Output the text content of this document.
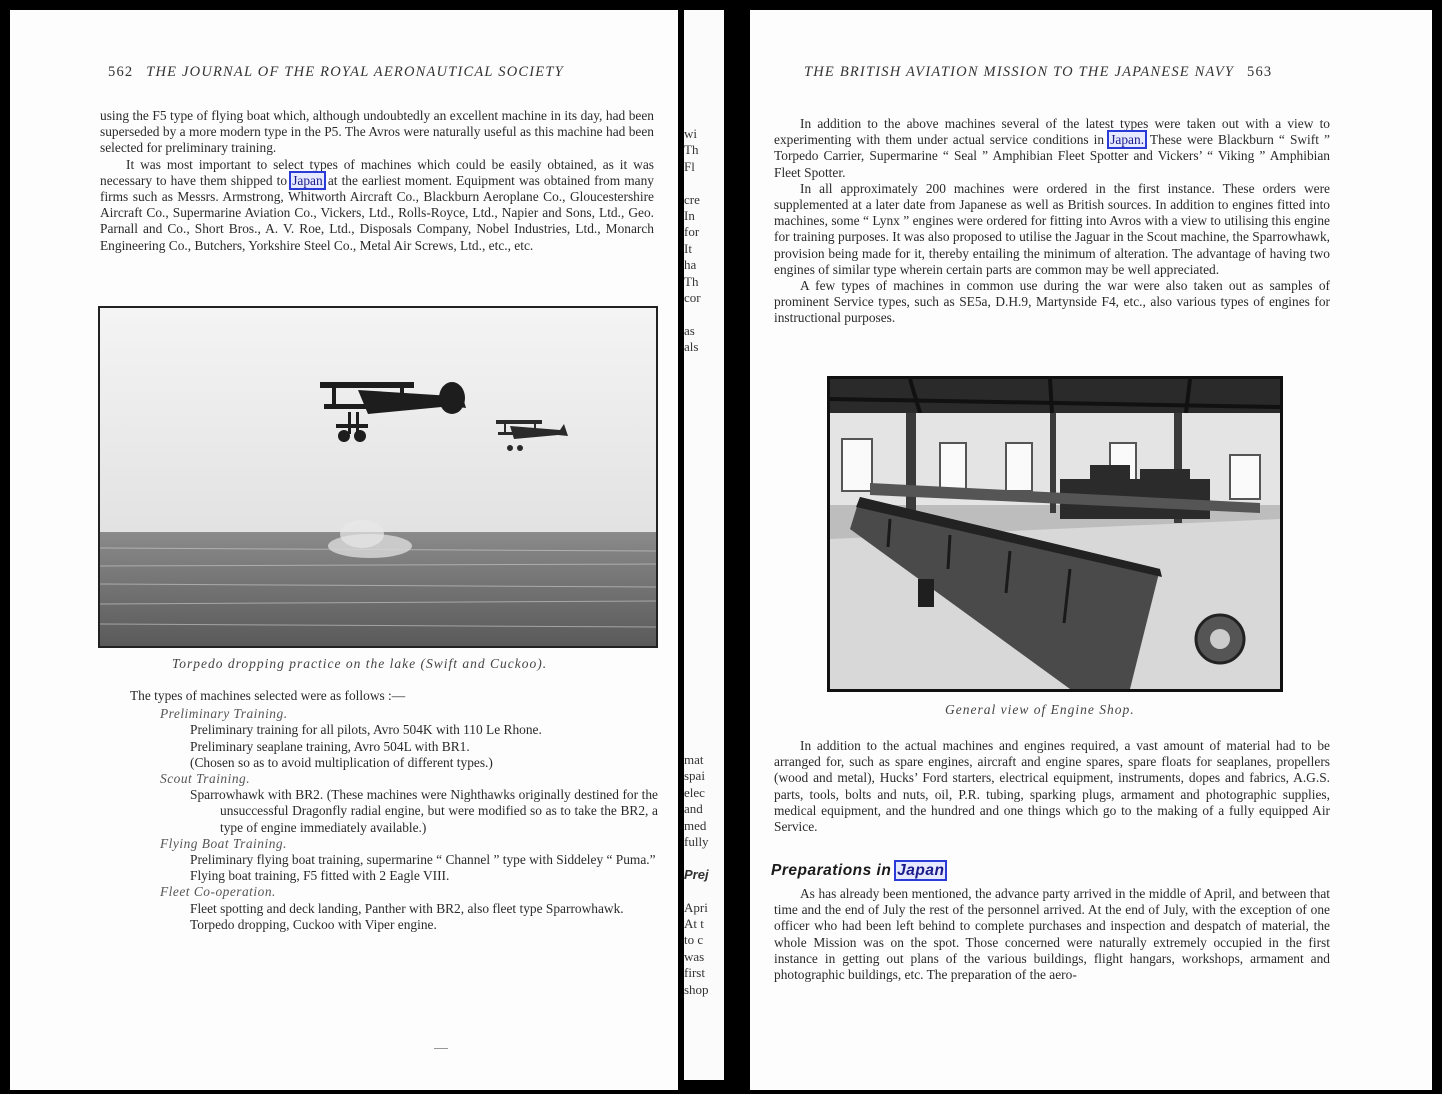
562 THE JOURNAL OF THE ROYAL AERONAUTICAL SOCIETY

using the F5 type of flying boat which, although undoubtedly an excellent machine in its day, had been superseded by a more modern type in the P5. The Avros were naturally useful as this machine had been selected for preliminary training.

It was most important to select types of machines which could be easily obtained, as it was necessary to have them shipped to Japan at the earliest moment. Equipment was obtained from many firms such as Messrs. Armstrong, Whitworth Aircraft Co., Blackburn Aeroplane Co., Gloucestershire Aircraft Co., Supermarine Aviation Co., Vickers, Ltd., Rolls-Royce, Ltd., Napier and Sons, Ltd., Geo. Parnall and Co., Short Bros., A. V. Roe, Ltd., Disposals Company, Nobel Industries, Ltd., Monarch Engineering Co., Butchers, Yorkshire Steel Co., Metal Air Screws, Ltd., etc., etc.

Torpedo dropping practice on the lake (Swift and Cuckoo).

The types of machines selected were as follows :—

Preliminary Training.

Preliminary training for all pilots, Avro 504K with 110 Le Rhone.

Preliminary seaplane training, Avro 504L with BR1.

(Chosen so as to avoid multiplication of different types.)

Scout Training.

Sparrowhawk with BR2. (These machines were Nighthawks originally destined for the unsuccessful Dragonfly radial engine, but were modified so as to take the BR2, a type of engine immediately available.)

Flying Boat Training.

Preliminary flying boat training, supermarine “ Channel ” type with Siddeley “ Puma.”

Flying boat training, F5 fitted with 2 Eagle VIII.

Fleet Co-operation.

Fleet spotting and deck landing, Panther with BR2, also fleet type Sparrowhawk.

Torpedo dropping, Cuckoo with Viper engine.

wi
Th
Fl
cre
In
for
It
ha
Th
cor
as
als
mat
spai
elec
and
med
fully
Prej
Apri
At t
to c
was
first
shop
THE BRITISH AVIATION MISSION TO THE JAPANESE NAVY 563

In addition to the above machines several of the latest types were taken out with a view to experimenting with them under actual service conditions in Japan. These were Blackburn “ Swift ” Torpedo Carrier, Supermarine “ Seal ” Amphibian Fleet Spotter and Vickers’ “ Viking ” Amphibian Fleet Spotter.

In all approximately 200 machines were ordered in the first instance. These orders were supplemented at a later date from Japanese as well as British sources. In addition to engines fitted into machines, some “ Lynx ” engines were ordered for fitting into Avros with a view to utilising this engine for training purposes. It was also proposed to utilise the Jaguar in the Scout machine, the Sparrowhawk, provision being made for it, thereby entailing the minimum of alteration. The advantage of having two engines of similar type wherein certain parts are common may be well appreciated.

A few types of machines in common use during the war were also taken out as samples of prominent Service types, such as SE5a, D.H.9, Martynside F4, etc., also various types of engines for instructional purposes.

General view of Engine Shop.

In addition to the actual machines and engines required, a vast amount of material had to be arranged for, such as spare engines, aircraft and engine spares, spare floats for seaplanes, propellers (wood and metal), Hucks’ Ford starters, electrical equipment, instruments, dopes and fabrics, A.G.S. parts, tools, bolts and nuts, oil, P.R. tubing, sparking plugs, armament and photographic supplies, medical equipment, and the hundred and one things which go to the making of a fully equipped Air Service.

Preparations in Japan

As has already been mentioned, the advance party arrived in the middle of April, and between that time and the end of July the rest of the personnel arrived. At the end of July, with the exception of one officer who had been left behind to complete purchases and inspection and despatch of material, the whole Mission was on the spot. Those concerned were naturally extremely occupied in the first instance in getting out plans of the various buildings, flight hangars, workshops, armament and photographic buildings, etc. The preparation of the aero-
